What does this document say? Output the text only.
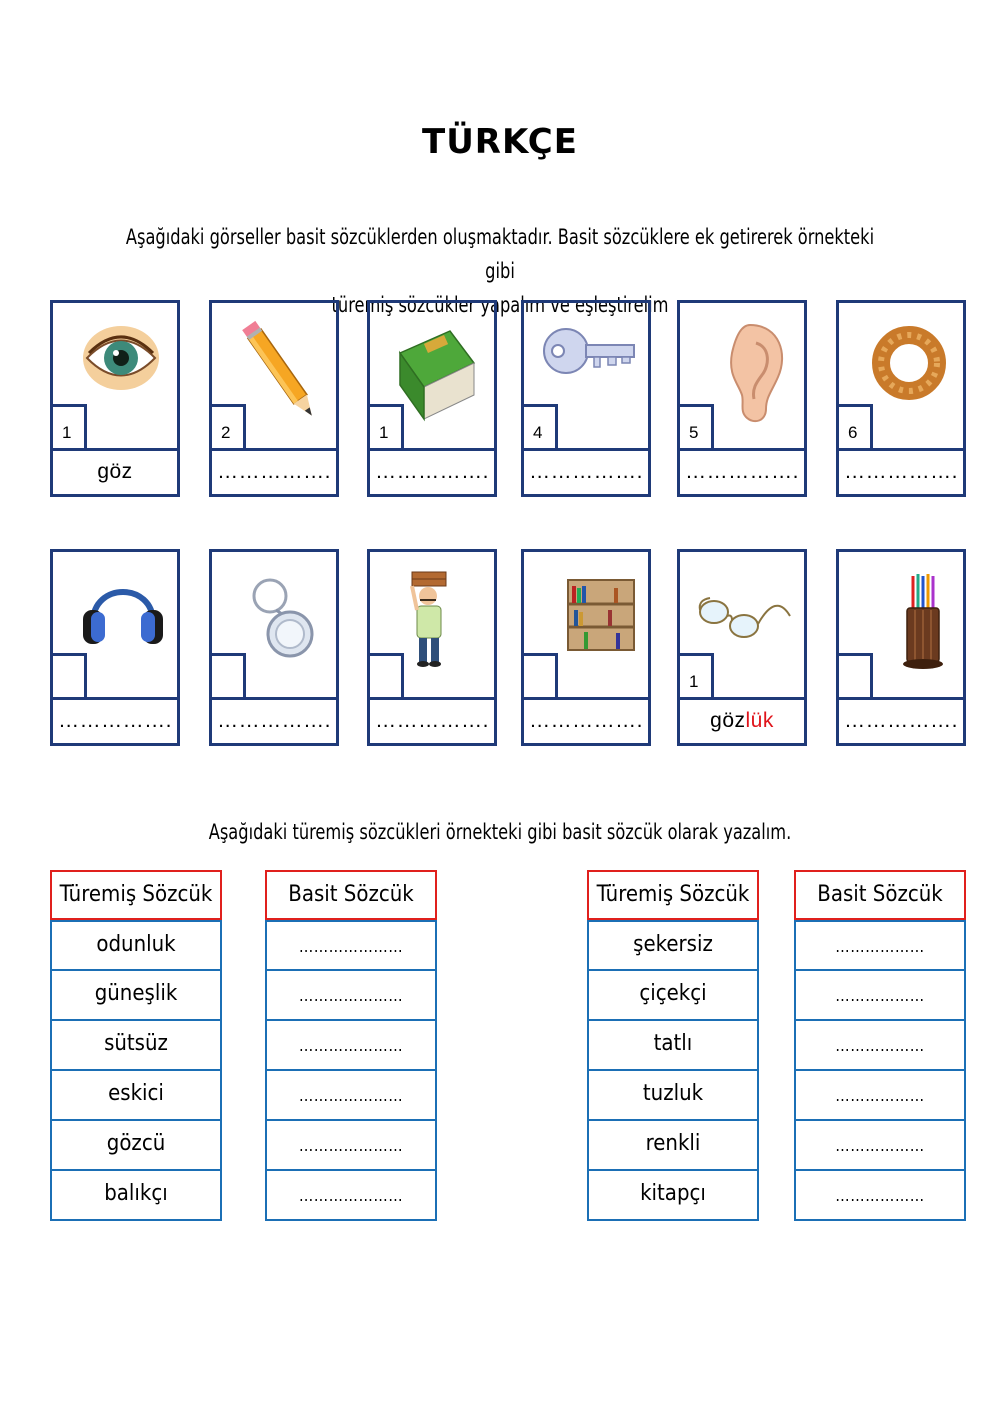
TÜRKÇE
Aşağıdaki görseller basit sözcüklerden oluşmaktadır. Basit sözcüklere ek getirerek örnekteki gibi
türemiş sözcükler yapalım ve eşleştirelim
1
göz
2
…………….
1
…………….
4
…………….
5
…………….
6
…………….
……………. ……………. ……………. …………….
1
gözlük	…………….
Aşağıdaki türemiş sözcükleri örnekteki gibi basit sözcük olarak yazalım.
Türemiş Sözcük
odunluk
güneşlik
sütsüz
eskici
gözcü
balıkçı
Basit Sözcük
…………………
…………………
…………………
…………………
…………………
…………………
Türemiş Sözcük
şekersiz
çiçekçi
tatlı
tuzluk
renkli
kitapçı
Basit Sözcük
………………
………………
………………
………………
………………
………………
